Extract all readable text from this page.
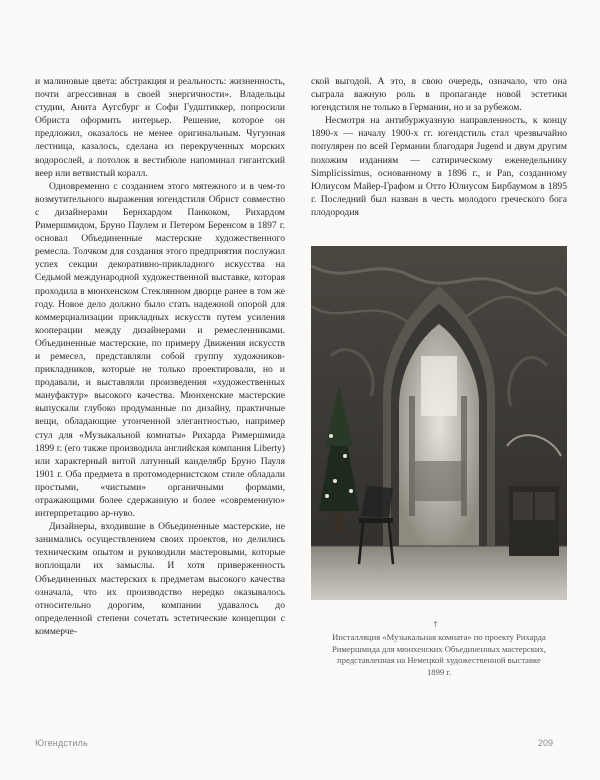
и малиновые цвета: абстракция и реальность: жизненность, почти агрессивная в своей энергичности». Владельцы студии, Анита Аугсбург и Софи Гудштиккер, попросили Обриста оформить интерьер. Решение, которое он предложил, оказалось не менее оригинальным. Чугунная лестница, казалось, сделана из перекрученных морских водорослей, а потолок в вестибюле напоминал гигантский веер или ветвистый коралл.

Одновременно с созданием этого мятежного и в чем-то возмутительного выражения югендстиля Обрист совместно с дизайнерами Бернхардом Панкоком, Рихардом Римершмидом, Бруно Паулем и Петером Беренсом в 1897 г. основал Объединенные мастерские художественного ремесла. Толчком для создания этого предприятия послужил успех секции декоративно-прикладного искусства на Седьмой международной художественной выставке, которая проходила в мюнхенском Стеклянном дворце ранее в том же году. Новое дело должно было стать надежной опорой для коммерциализации прикладных искусств путем усиления кооперации между дизайнерами и ремесленниками. Объединенные мастерские, по примеру Движения искусств и ремесел, представляли собой группу художников-прикладников, которые не только проектировали, но и продавали, и выставляли произведения «художественных мануфактур» высокого качества. Мюнхенские мастерские выпускали глубоко продуманные по дизайну, практичные вещи, обладающие утонченной элегантностью, например стул для «Музыкальной комнаты» Рихарда Римершмида 1899 г. (его также производила английская компания Liberty) или характерный витой латунный канделябр Бруно Пауля 1901 г. Оба предмета в протомодернистском стиле обладали простыми, «чистыми» органичными формами, отражающими более сдержанную и более «современную» интерпретацию ар-нуво.

Дизайнеры, входившие в Объединенные мастерские, не занимались осуществлением своих проектов, но делились техническим опытом и руководили мастеровыми, которые воплощали их замыслы. И хотя приверженность Объединенных мастерских к предметам высокого качества означала, что их производство нередко оказывалось относительно дорогим, компании удавалось до определенной степени сочетать эстетические концепции с коммерче-

ской выгодой. А это, в свою очередь, означало, что она сыграла важную роль в пропаганде новой эстетики югендстиля не только в Германии, но и за рубежом.

Несмотря на антибуржуазную направленность, к концу 1890-х — началу 1900-х гг. югендстиль стал чрезвычайно популярен по всей Германии благодаря Jugend и двум другим похожим изданиям — сатирическому еженедельнику Simplicissimus, основанному в 1896 г., и Pan, созданному Юлиусом Майер-Графом и Отто Юлиусом Бирбаумом в 1895 г. Последний был назван в честь молодого греческого бога плодородия

↑
Инсталляция «Музыкальная комната» по проекту Рихарда Римершмида для мюнхенских Объединенных мастерских, представленная на Немецкой художественной выставке 1899 г.
Югендстиль	209
